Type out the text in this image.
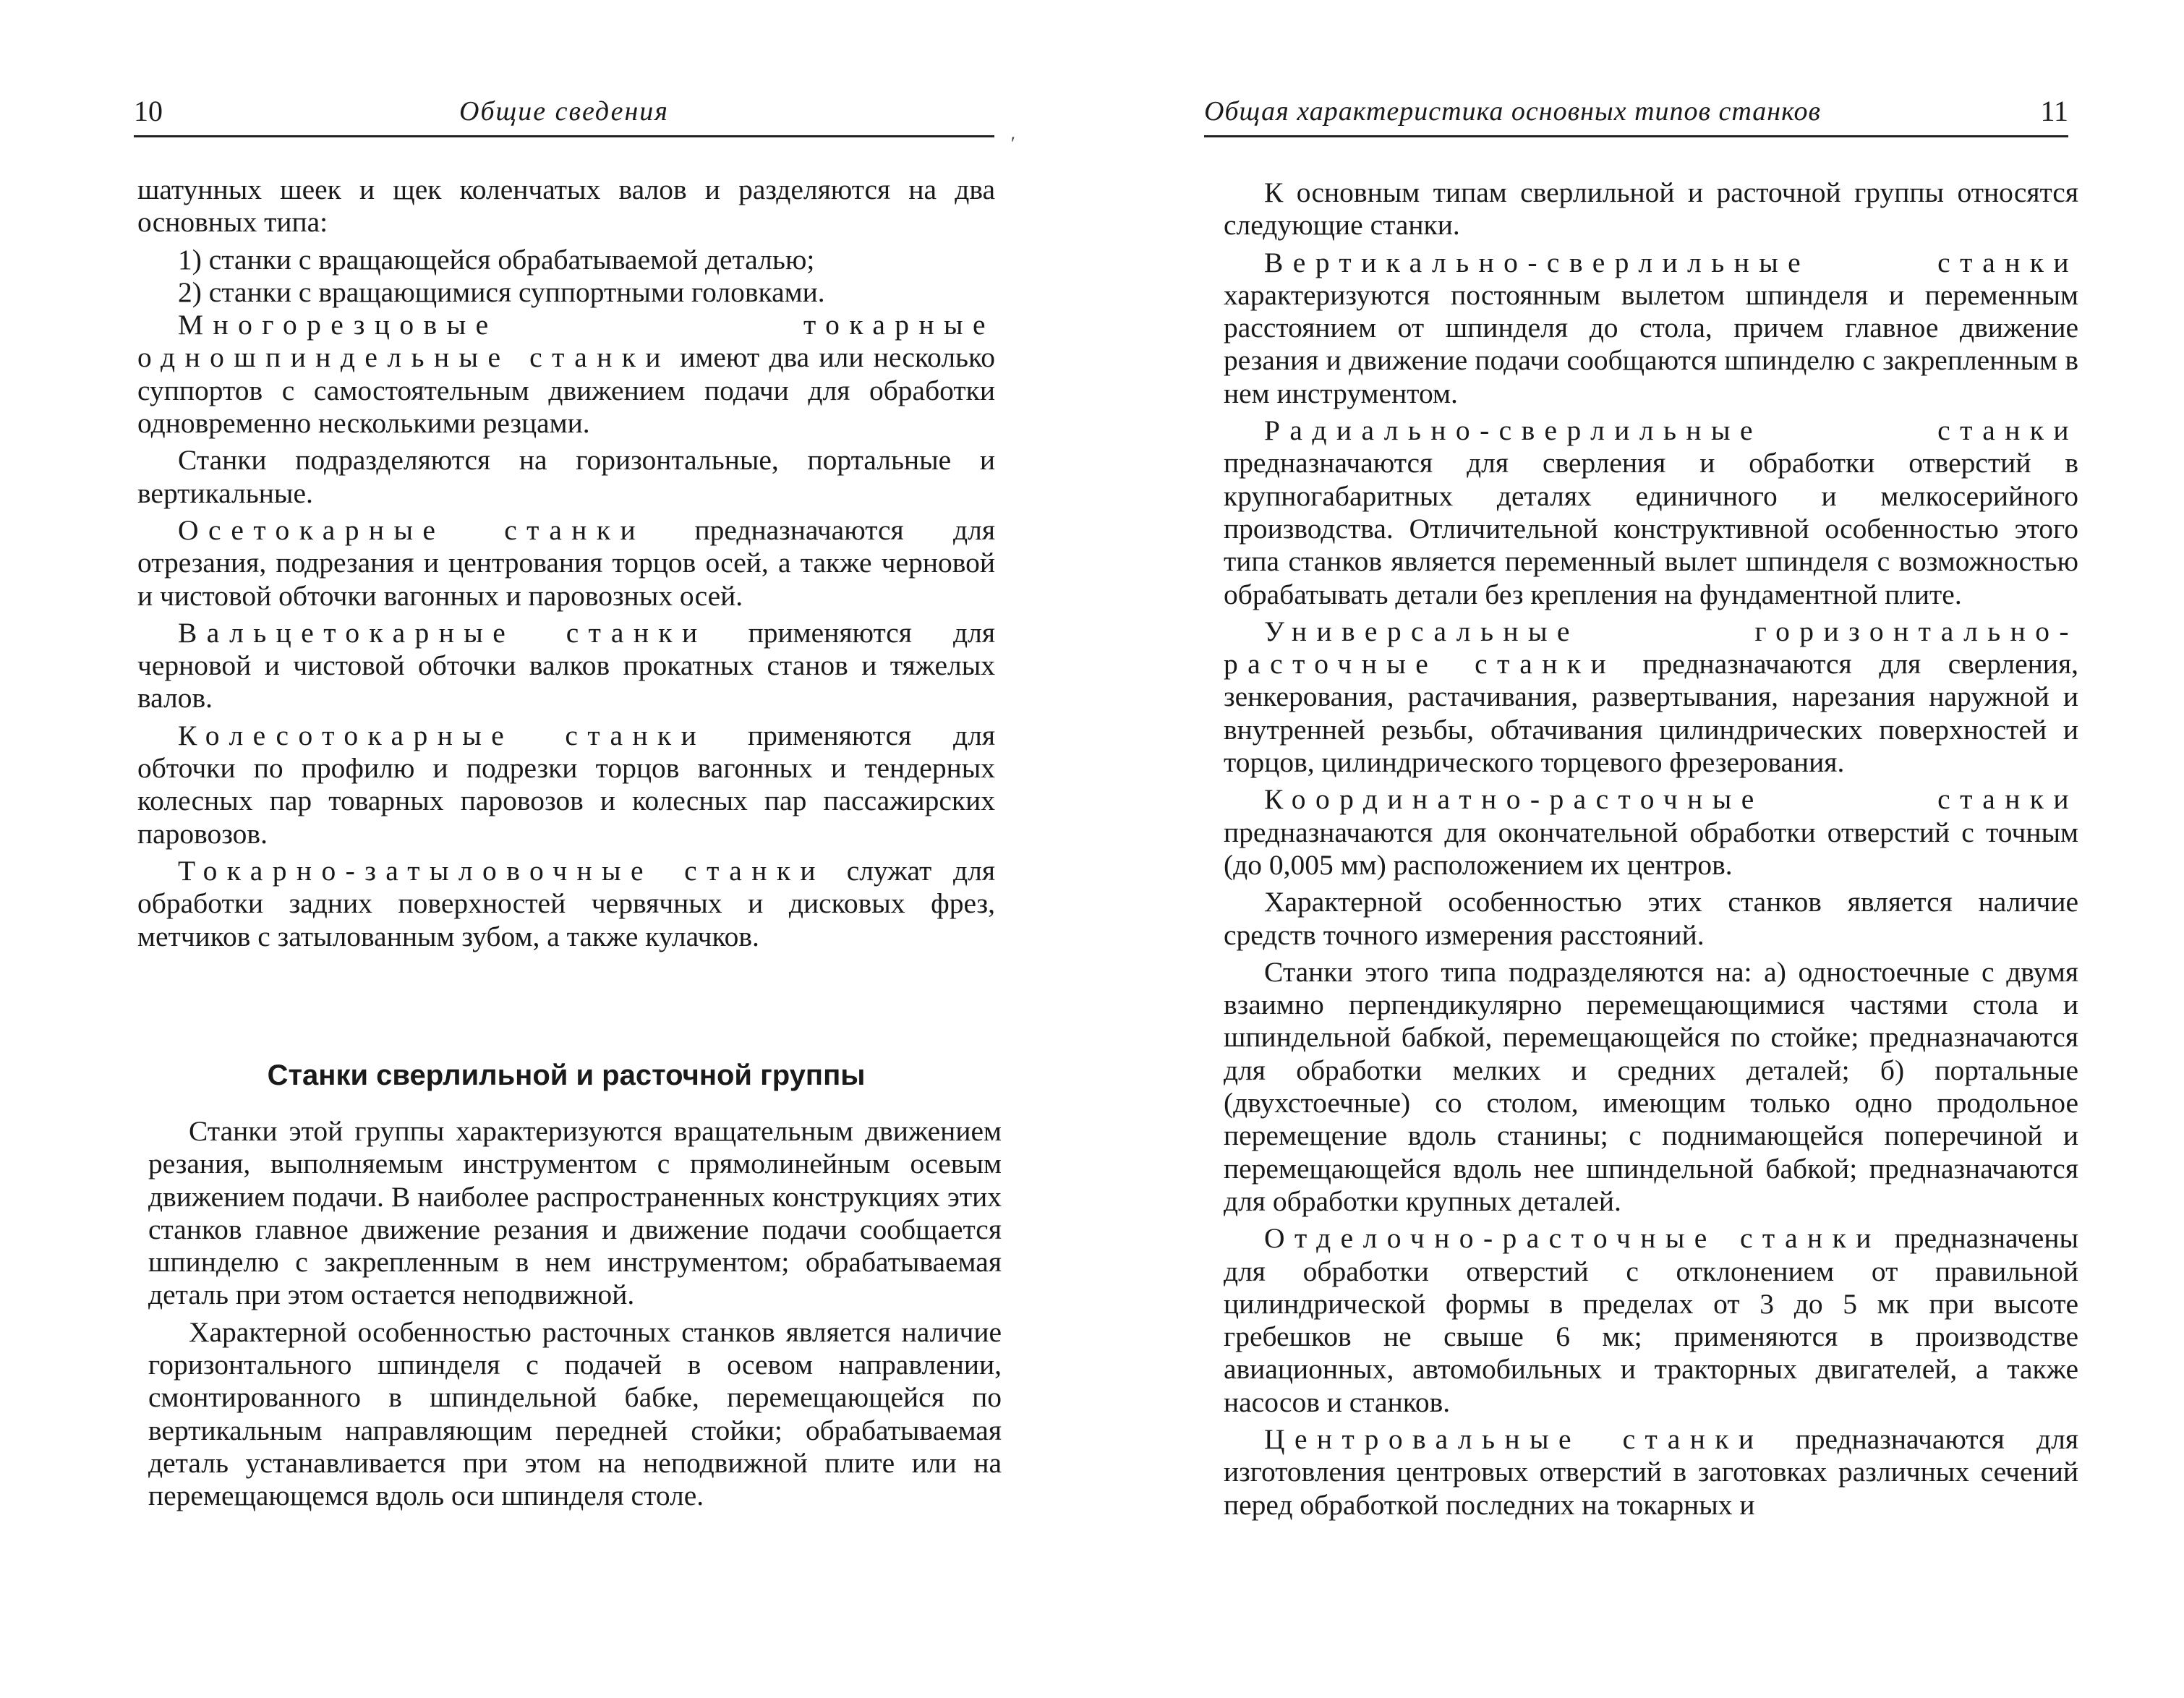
10	Общие сведения
′

шатунных шеек и щек коленчатых валов и разделяются на два основных типа:

1) станки с вращающейся обрабатываемой деталью;

2) станки с вращающимися суппортными головками.

Многорезцовые токарные одношпиндельные станки имеют два или несколько суппортов с самостоятельным движением подачи для обработки одновременно несколькими резцами.

Станки подразделяются на горизонтальные, портальные и вертикальные.

Осетокарные станки предназначаются для отрезания, подрезания и центрования торцов осей, а также черновой и чистовой обточки вагонных и паровозных осей.

Вальцетокарные станки применяются для черновой и чистовой обточки валков прокатных станов и тяжелых валов.

Колесотокарные станки применяются для обточки по профилю и подрезки торцов вагонных и тендерных колесных пар товарных паровозов и колесных пар пассажирских паровозов.

Токарно-затыловочные станки служат для обработки задних поверхностей червячных и дисковых фрез, метчиков с затылованным зубом, а также кулачков.

Станки сверлильной и расточной группы

Станки этой группы характеризуются вращательным движением резания, выполняемым инструментом с прямолинейным осевым движением подачи. В наиболее распространенных конструкциях этих станков главное движение резания и движение подачи сообщается шпинделю с закрепленным в нем инструментом; обрабатываемая деталь при этом остается неподвижной.

Характерной особенностью расточных станков является наличие горизонтального шпинделя с подачей в осевом направлении, смонтированного в шпиндельной бабке, перемещающейся по вертикальным направляющим передней стойки; обрабатываемая деталь устанавливается при этом на неподвижной плите или на перемещающемся вдоль оси шпинделя столе.

Общая характеристика основных типов станков	11

К основным типам сверлильной и расточной группы относятся следующие станки.

Вертикально-сверлильные станки характеризуются постоянным вылетом шпинделя и переменным расстоянием от шпинделя до стола, причем главное движение резания и движение подачи сообщаются шпинделю с закрепленным в нем инструментом.

Радиально-сверлильные станки предназначаются для сверления и обработки отверстий в крупногабаритных деталях единичного и мелкосерийного производства. Отличительной конструктивной особенностью этого типа станков является переменный вылет шпинделя с возможностью обрабатывать детали без крепления на фундаментной плите.

Универсальные горизонтально-расточные станки предназначаются для сверления, зенкерования, растачивания, развертывания, нарезания наружной и внутренней резьбы, обтачивания цилиндрических поверхностей и торцов, цилиндрического торцевого фрезерования.

Координатно-расточные станки предназначаются для окончательной обработки отверстий с точным (до 0,005 мм) расположением их центров.

Характерной особенностью этих станков является наличие средств точного измерения расстояний.

Станки этого типа подразделяются на: а) одностоечные с двумя взаимно перпендикулярно перемещающимися частями стола и шпиндельной бабкой, перемещающейся по стойке; предназначаются для обработки мелких и средних деталей; б) портальные (двухстоечные) со столом, имеющим только одно продольное перемещение вдоль станины; с поднимающейся поперечиной и перемещающейся вдоль нее шпиндельной бабкой; предназначаются для обработки крупных деталей.

Отделочно-расточные станки предназначены для обработки отверстий с отклонением от правильной цилиндрической формы в пределах от 3 до 5 мк при высоте гребешков не свыше 6 мк; применяются в производстве авиационных, автомобильных и тракторных двигателей, а также насосов и станков.

Центровальные станки предназначаются для изготовления центровых отверстий в заготовках различных сечений перед обработкой последних на токарных и
